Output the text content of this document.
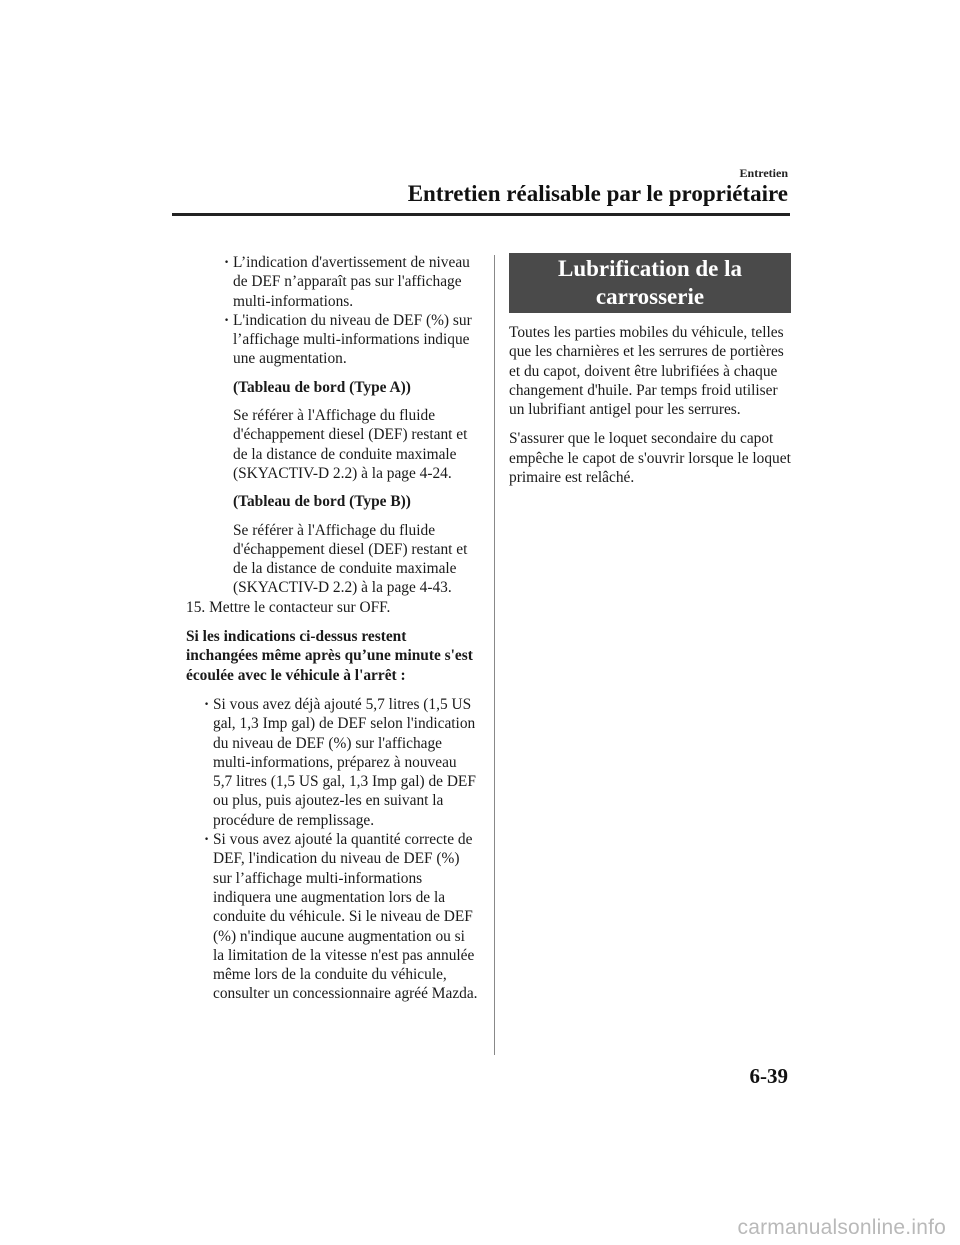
Entretien
Entretien réalisable par le propriétaire
· L’indication d'avertissement de niveau de DEF n’apparaît pas sur l'affichage multi-informations.
· L'indication du niveau de DEF (%) sur l’affichage multi-informations indique une augmentation.

(Tableau de bord (Type A))

Se référer à l'Affichage du fluide d'échappement diesel (DEF) restant et de la distance de conduite maximale (SKYACTIV-D 2.2) à la page 4-24.

(Tableau de bord (Type B))

Se référer à l'Affichage du fluide d'échappement diesel (DEF) restant et de la distance de conduite maximale (SKYACTIV-D 2.2) à la page 4-43.

15. Mettre le contacteur sur OFF.

Si les indications ci-dessus restent inchangées même après qu’une minute s'est écoulée avec le véhicule à l'arrêt :

· Si vous avez déjà ajouté 5,7 litres (1,5 US gal, 1,3 Imp gal) de DEF selon l'indication du niveau de DEF (%) sur l'affichage multi-informations, préparez à nouveau 5,7 litres (1,5 US gal, 1,3 Imp gal) de DEF ou plus, puis ajoutez-les en suivant la procédure de remplissage.
· Si vous avez ajouté la quantité correcte de DEF, l'indication du niveau de DEF (%) sur l’affichage multi-informations indiquera une augmentation lors de la conduite du véhicule. Si le niveau de DEF (%) n'indique aucune augmentation ou si la limitation de la vitesse n'est pas annulée même lors de la conduite du véhicule, consulter un concessionnaire agréé Mazda.
Lubrification de la carrosserie

Toutes les parties mobiles du véhicule, telles que les charnières et les serrures de portières et du capot, doivent être lubrifiées à chaque changement d'huile. Par temps froid utiliser un lubrifiant antigel pour les serrures.

S'assurer que le loquet secondaire du capot empêche le capot de s'ouvrir lorsque le loquet primaire est relâché.

6-39
carmanualsonline.info
